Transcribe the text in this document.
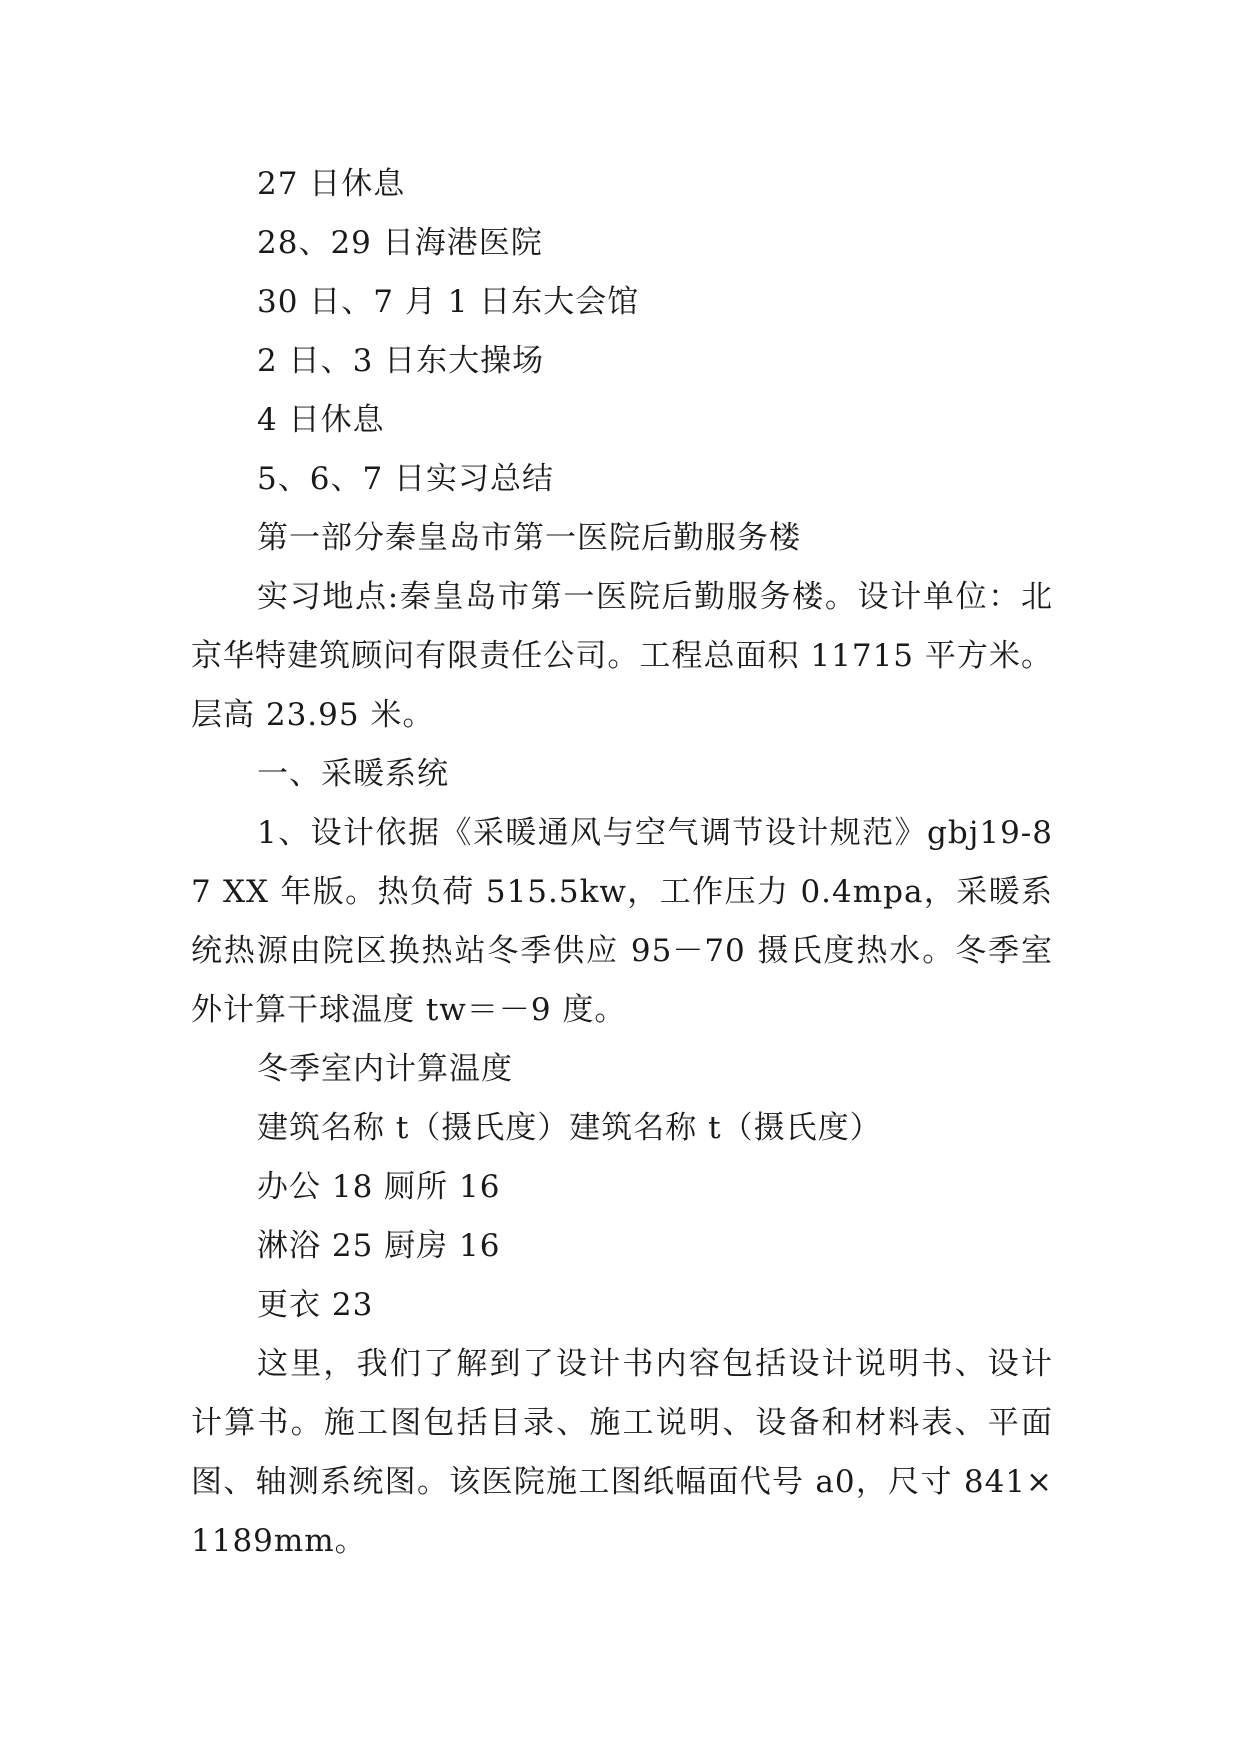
27 日休息

28、29 日海港医院

30 日、7 月 1 日东大会馆

2 日、3 日东大操场

4 日休息

5、6、7 日实习总结

第一部分秦皇岛市第一医院后勤服务楼

实习地点:秦皇岛市第一医院后勤服务楼。设计单位：北京华特建筑顾问有限责任公司。工程总面积 11715 平方米。层高 23.95 米。

一、采暖系统

1、设计依据《采暖通风与空气调节设计规范》gbj19-87 XX 年版。热负荷 515.5kw，工作压力 0.4mpa，采暖系统热源由院区换热站冬季供应 95－70 摄氏度热水。冬季室外计算干球温度 tw＝－9 度。

冬季室内计算温度

建筑名称 t（摄氏度）建筑名称 t（摄氏度）

办公 18 厕所 16

淋浴 25 厨房 16

更衣 23

这里，我们了解到了设计书内容包括设计说明书、设计计算书。施工图包括目录、施工说明、设备和材料表、平面图、轴测系统图。该医院施工图纸幅面代号 a0，尺寸 841×1189mm。
